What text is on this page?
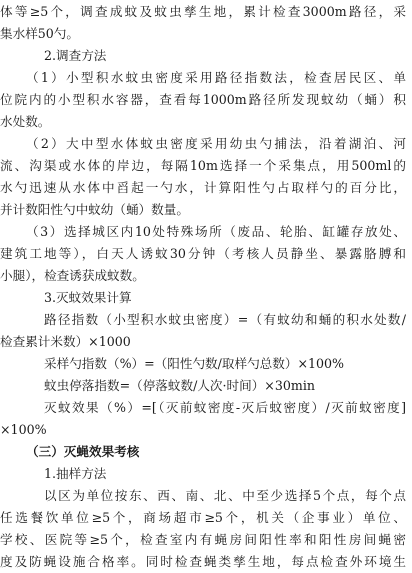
体等≥5个，调查成蚊及蚊虫孳生地，累计检查3000m路径，采
集水样50勺。
2.调查方法
（1）小型积水蚊虫密度采用路径指数法，检查居民区、单
位院内的小型积水容器，查看每1000m路径所发现蚊幼（蛹）积
水处数。
（2）大中型水体蚊虫密度采用幼虫勺捕法，沿着湖泊、河
流、沟渠或水体的岸边，每隔10m选择一个采集点，用500ml的
水勺迅速从水体中舀起一勺水，计算阳性勺占取样勺的百分比，
并计数阳性勺中蚊幼（蛹）数量。
（3）选择城区内10处特殊场所（废品、轮胎、缸罐存放处、
建筑工地等），白天人诱蚊30分钟（考核人员静坐、暴露胳膊和
小腿），检查诱获成蚊数。
3.灭蚊效果计算
路径指数（小型积水蚊虫密度）=（有蚊幼和蛹的积水处数/
检查累计米数）×1000
采样勺指数（%）=（阳性勺数/取样勺总数）×100%
蚊虫停落指数=（停落蚊数/人次·时间）×30min
灭蚊效果（%）=[（灭前蚊密度-灭后蚊密度）/灭前蚊密度]
×100%
（三）灭蝇效果考核
1.抽样方法
以区为单位按东、西、南、北、中至少选择5个点，每个点
任选餐饮单位≥5个，商场超市≥5个，机关（企事业）单位、
学校、医院等≥5个，检查室内有蝇房间阳性率和阳性房间蝇密
度及防蝇设施合格率。同时检查蝇类孳生地，每点检查外环境生
